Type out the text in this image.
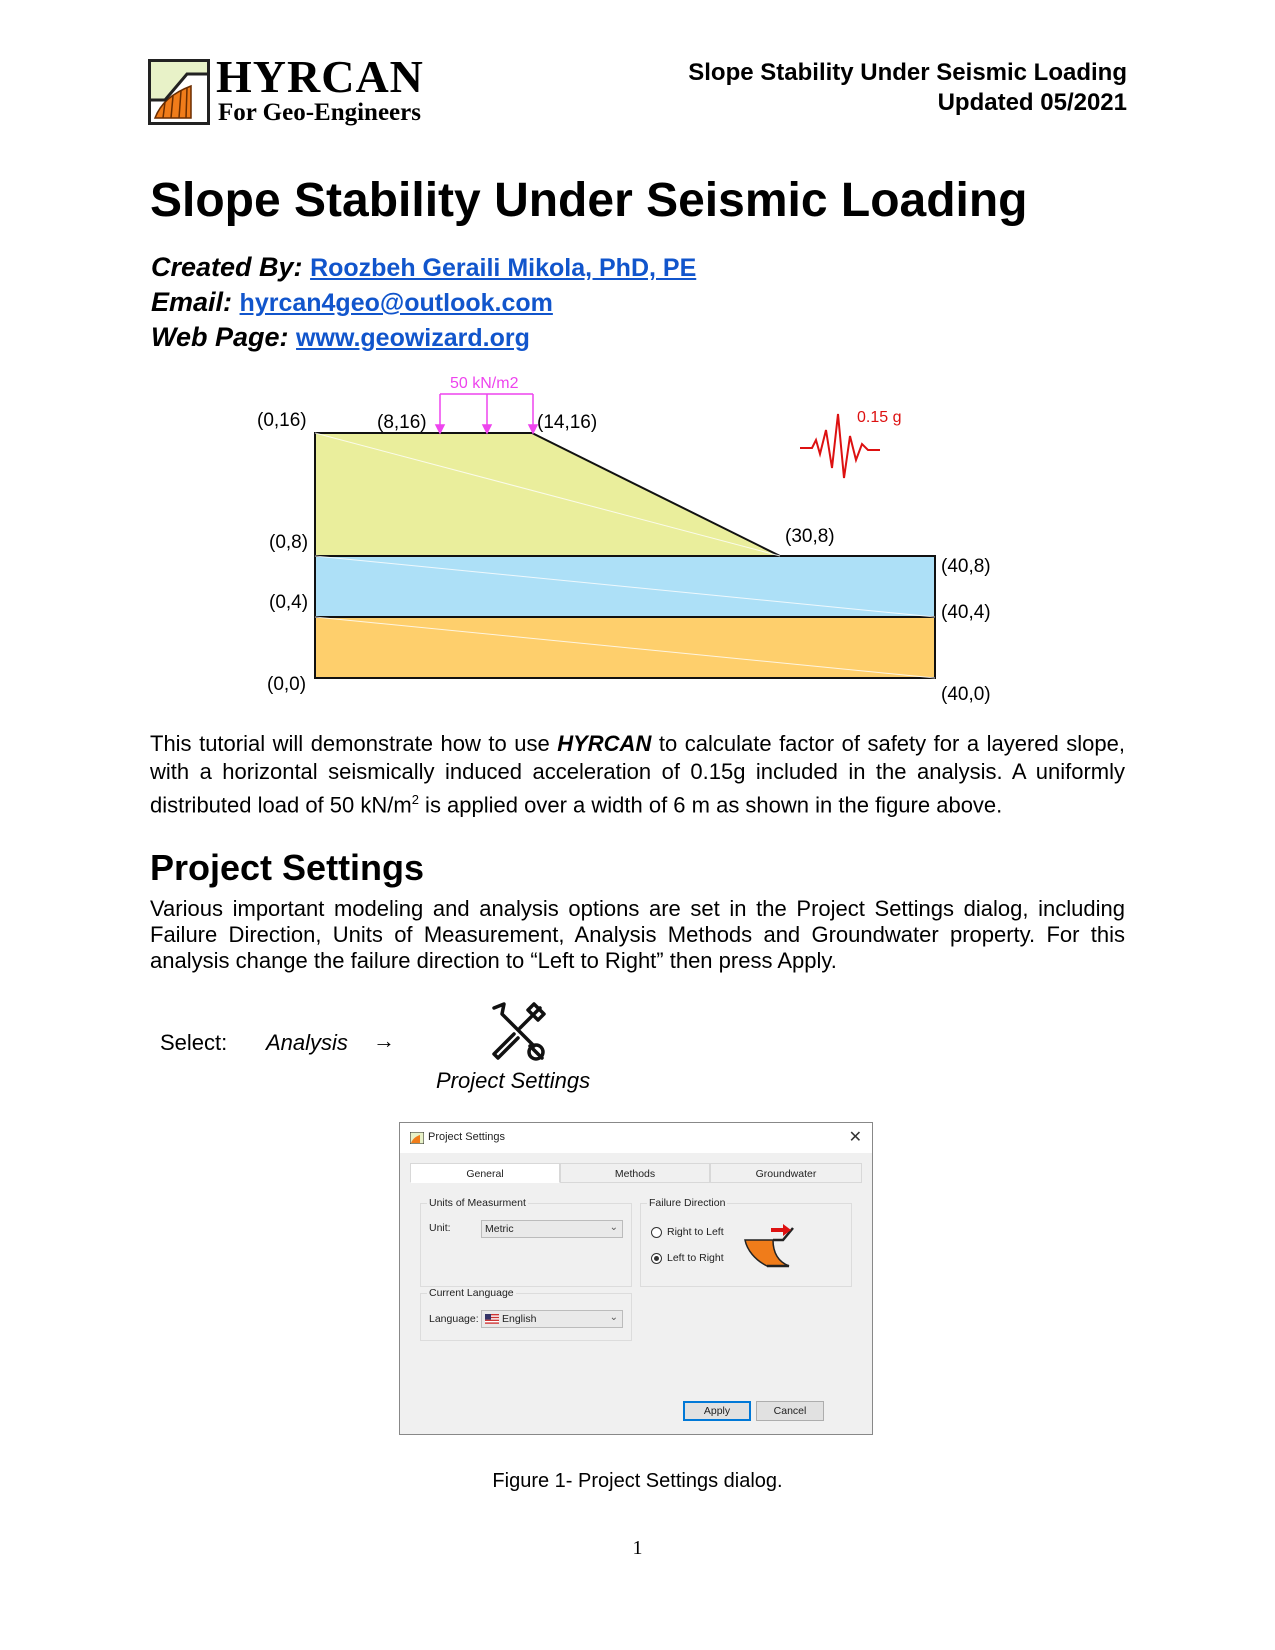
HYRCAN
For Geo-Engineers
Slope Stability Under Seismic Loading
Updated 05/2021
Slope Stability Under Seismic Loading
Created By: Roozbeh Geraili Mikola, PhD, PE
Email: hyrcan4geo@outlook.com
Web Page: www.geowizard.org
50 kN/m2
0.15 g
(0,16)	(8,16)	(14,16)
(30,8)
(0,8)
(40,8)
(0,4)	(40,4)
(0,0)	(40,0)
This tutorial will demonstrate how to use HYRCAN to calculate factor of safety for a layered slope, with a horizontal seismically induced acceleration of 0.15g included in the analysis. A uniformly distributed load of 50 $kN/m^2$ is applied over a width of 6 m as shown in the figure above.
Project Settings
Various important modeling and analysis options are set in the Project Settings dialog, including Failure Direction, Units of Measurement, Analysis Methods and Groundwater property. For this analysis change the failure direction to “Left to Right” then press Apply.
Select: Analysis →
Project Settings
Project Settings	✕
General	Methods	Groundwater
Units of Measurment
Unit:	Metric	⌄
Failure Direction
Right to Left
Left to Right
Current Language
Language: English	⌄
Apply	Cancel
Figure 1- Project Settings dialog.
1
